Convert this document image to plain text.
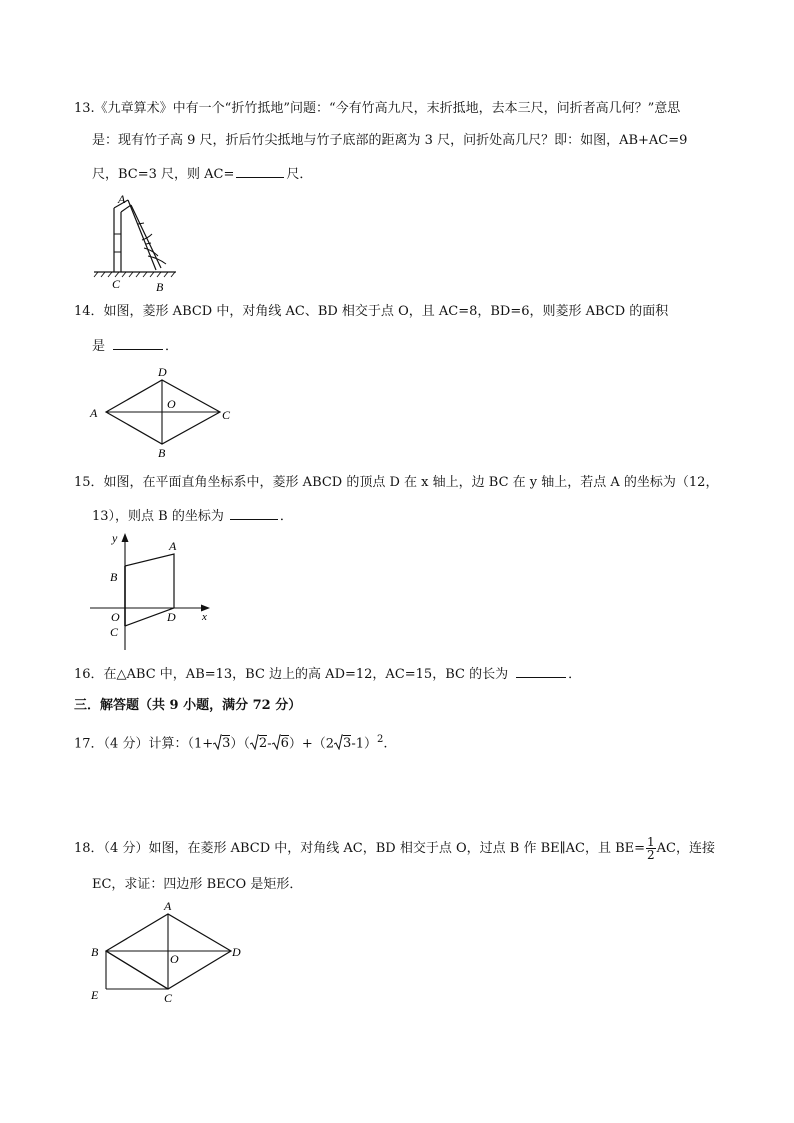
13.《九章算术》中有一个“折竹抵地”问题：“今有竹高九尺，末折抵地，去本三尺，问折者高几何？”意思
是：现有竹子高 9 尺，折后竹尖抵地与竹子底部的距离为 3 尺，问折处高几尺？即：如图，AB+AC=9
尺，BC=3 尺，则 AC=	尺．
A
C	B
14．如图，菱形 ABCD 中，对角线 AC、BD 相交于点 O，且 AC=8，BD=6，则菱形 ABCD 的面积
是	．
A
D
C
B
O
15．如图，在平面直角坐标系中，菱形 ABCD 的顶点 D 在 x 轴上，边 BC 在 y 轴上，若点 A 的坐标为（12，
13），则点 B 的坐标为	．
y
x
A
B
O
C
D
16．在△ABC 中，AB=13，BC 边上的高 AD=12，AC=15，BC 的长为	．
三．解答题（共 9 小题，满分 72 分）
17．（4 分）计算：（1+ 3）（ 2- 6）+（2 3-1）$^2$.
18．（4 分）如图，在菱形 ABCD 中，对角线 AC，BD 相交于点 O，过点 B 作 BE∥AC，且 $BE= \frac{1}{2}$ AC，连接
EC，求证：四边形 BECO 是矩形．
A
B	O	D
E	C
